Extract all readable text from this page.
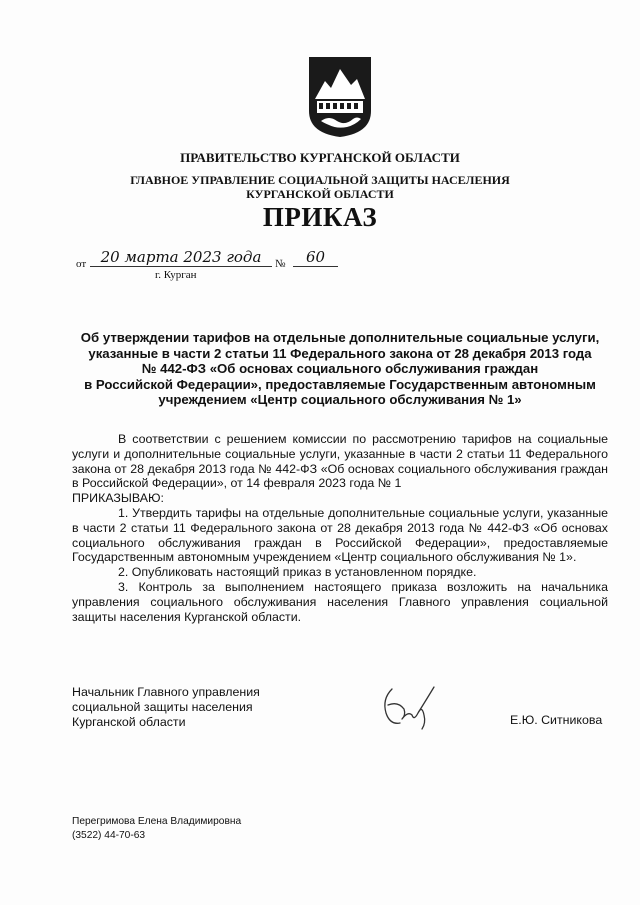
ПРАВИТЕЛЬСТВО КУРГАНСКОЙ ОБЛАСТИ
ГЛАВНОЕ УПРАВЛЕНИЕ СОЦИАЛЬНОЙ ЗАЩИТЫ НАСЕЛЕНИЯ
КУРГАНСКОЙ ОБЛАСТИ
ПРИКАЗ
от 20 марта 2023 года	№	60
г. Курган
Об утверждении тарифов на отдельные дополнительные социальные услуги,
указанные в части 2 статьи 11 Федерального закона от 28 декабря 2013 года
№ 442-ФЗ «Об основах социального обслуживания граждан
в Российской Федерации», предоставляемые Государственным автономным
учреждением «Центр социального обслуживания № 1»

В соответствии с решением комиссии по рассмотрению тарифов на социальные услуги и дополнительные социальные услуги, указанные в части 2 статьи 11 Федерального закона от 28 декабря 2013 года № 442-ФЗ «Об основах социального обслуживания граждан в Российской Федерации», от 14 февраля 2023 года № 1

ПРИКАЗЫВАЮ:

1. Утвердить тарифы на отдельные дополнительные социальные услуги, указанные в части 2 статьи 11 Федерального закона от 28 декабря 2013 года № 442-ФЗ «Об основах социального обслуживания граждан в Российской Федерации», предоставляемые Государственным автономным учреждением «Центр социального обслуживания № 1».

2. Опубликовать настоящий приказ в установленном порядке.

3. Контроль за выполнением настоящего приказа возложить на начальника управления социального обслуживания населения Главного управления социальной защиты населения Курганской области.

Начальник Главного управления
социальной защиты населения
Курганской области	Е.Ю. Ситникова
Перегримова Елена Владимировна
(3522) 44-70-63
